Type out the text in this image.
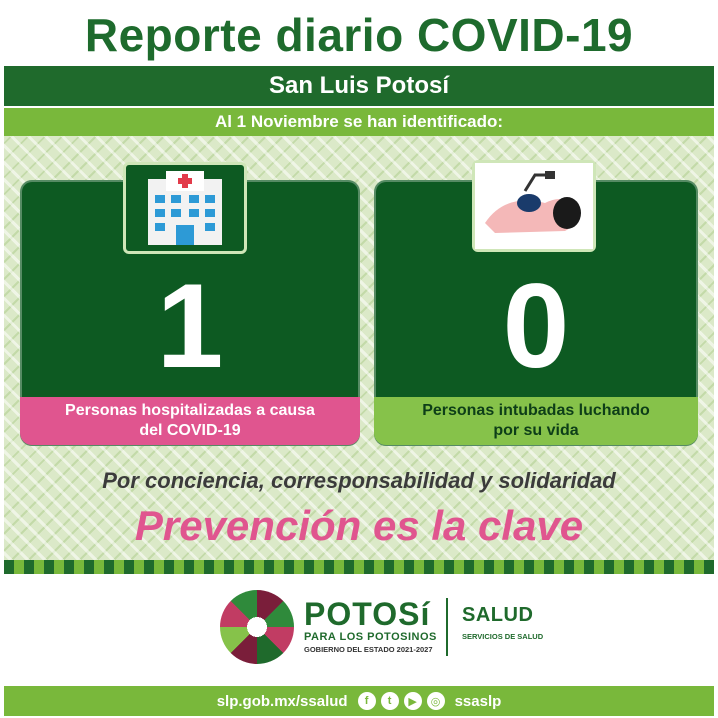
Reporte diario COVID-19
San Luis Potosí
Al 1 Noviembre se han identificado:
1
Personas hospitalizadas a causa
del COVID-19
0
Personas intubadas luchando
por su vida
Por conciencia, corresponsabilidad y solidaridad
Prevención es la clave
POTOSí
PARA LOS POTOSINOS
GOBIERNO DEL ESTADO 2021-2027
SALUD
SERVICIOS DE SALUD
slp.gob.mx/ssalud	f	t	▶	◎ ssaslp
